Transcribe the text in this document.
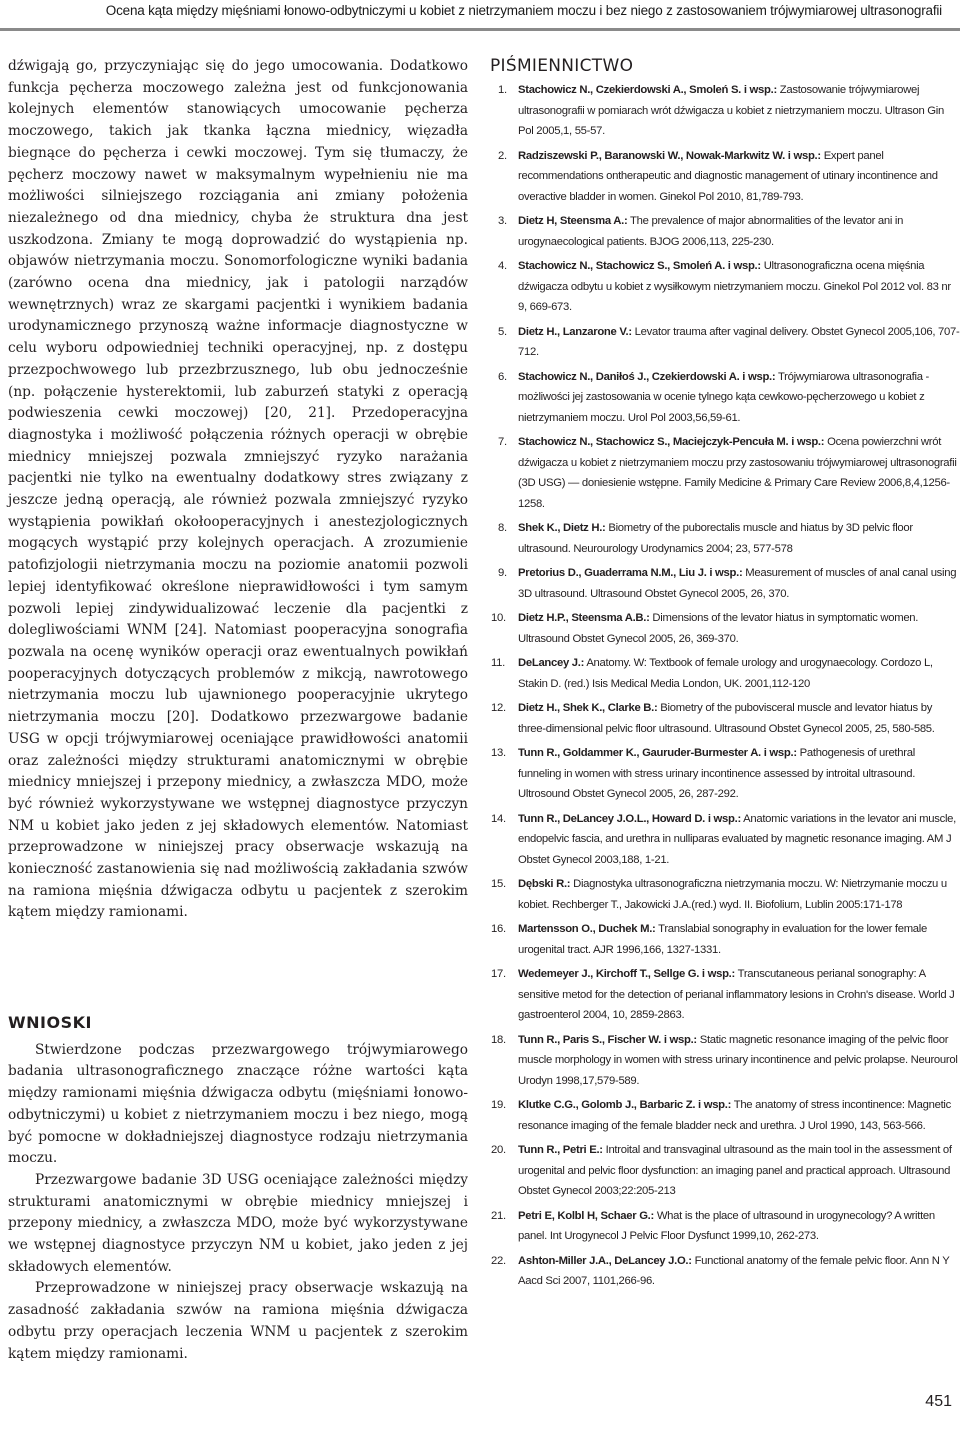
Ocena kąta między mięśniami łonowo-odbytniczymi u kobiet z nietrzymaniem moczu i bez niego z zastosowaniem trójwymiarowej ultrasonografii

dźwigają go, przyczyniając się do jego umocowania. Dodatkowo funkcja pęcherza moczowego zależna jest od funkcjonowania kolejnych elementów stanowiących umocowanie pęcherza moczowego, takich jak tkanka łączna miednicy, więzadła biegnące do pęcherza i cewki moczowej. Tym się tłumaczy, że pęcherz moczowy nawet w maksymalnym wypełnieniu nie ma możliwości silniejszego rozciągania ani zmiany położenia niezależnego od dna miednicy, chyba że struktura dna jest uszkodzona. Zmiany te mogą doprowadzić do wystąpienia np. objawów nietrzymania moczu. Sonomorfologiczne wyniki badania (zarówno ocena dna miednicy, jak i patologii narządów wewnętrznych) wraz ze skargami pacjentki i wynikiem badania urodynamicznego przynoszą ważne informacje diagnostyczne w celu wyboru odpowiedniej techniki operacyjnej, np. z dostępu przezpochwowego lub przezbrzusznego, lub obu jednocześnie (np. połączenie hysterektomii, lub zaburzeń statyki z operacją podwieszenia cewki moczowej) [20, 21]. Przedoperacyjna diagnostyka i możliwość połączenia różnych operacji w obrębie miednicy mniejszej pozwala zmniejszyć ryzyko narażania pacjentki nie tylko na ewentualny dodatkowy stres związany z jeszcze jedną operacją, ale również pozwala zmniejszyć ryzyko wystąpienia powikłań okołooperacyjnych i anestezjologicznych mogących wystąpić przy kolejnych operacjach. A zrozumienie patofizjologii nietrzymania moczu na poziomie anatomii pozwoli lepiej identyfikować określone nieprawidłowości i tym samym pozwoli lepiej zindywidualizować leczenie dla pacjentki z dolegliwościami WNM [24]. Natomiast pooperacyjna sonografia pozwala na ocenę wyników operacji oraz ewentualnych powikłań pooperacyjnych dotyczących problemów z mikcją, nawrotowego nietrzymania moczu lub ujawnionego pooperacyjnie ukrytego nietrzymania moczu [20]. Dodatkowo przezwargowe badanie USG w opcji trójwymiarowej oceniające prawidłowości anatomii oraz zależności między strukturami anatomicznymi w obrębie miednicy mniejszej i przepony miednicy, a zwłaszcza MDO, może być również wykorzystywane we wstępnej diagnostyce przyczyn NM u kobiet jako jeden z jej składowych elementów. Natomiast przeprowadzone w niniejszej pracy obserwacje wskazują na konieczność zastanowienia się nad możliwością zakładania szwów na ramiona mięśnia dźwigacza odbytu u pacjentek z szerokim kątem między ramionami.

WNIOSKI

Stwierdzone podczas przezwargowego trójwymiarowego badania ultrasonograficznego znaczące różne wartości kąta między ramionami mięśnia dźwigacza odbytu (mięśniami łonowo-odbytniczymi) u kobiet z nietrzymaniem moczu i bez niego, mogą być pomocne w dokładniejszej diagnostyce rodzaju nietrzymania moczu.

Przezwargowe badanie 3D USG oceniające zależności między strukturami anatomicznymi w obrębie miednicy mniejszej i przepony miednicy, a zwłaszcza MDO, może być wykorzystywane we wstępnej diagnostyce przyczyn NM u kobiet, jako jeden z jej składowych elementów.

Przeprowadzone w niniejszej pracy obserwacje wskazują na zasadność zakładania szwów na ramiona mięśnia dźwigacza odbytu przy operacjach leczenia WNM u pacjentek z szerokim kątem między ramionami.

PIŚMIENNICTWO
1. Stachowicz N., Czekierdowski A., Smoleń S. i wsp.: Zastosowanie trójwymiarowej ultrasonografii w pomiarach wrót dźwigacza u kobiet z nietrzymaniem moczu. Ultrason Gin Pol 2005,1, 55-57.
2. Radziszewski P., Baranowski W., Nowak-Markwitz W. i wsp.: Expert panel recommendations ontherapeutic and diagnostic management of utinary incontinence and overactive bladder in women. Ginekol Pol 2010, 81,789-793.
3. Dietz H, Steensma A.: The prevalence of major abnormalities of the levator ani in urogynaecological patients. BJOG 2006,113, 225-230.
4. Stachowicz N., Stachowicz S., Smoleń A. i wsp.: Ultrasonograficzna ocena mięśnia dźwigacza odbytu u kobiet z wysiłkowym nietrzymaniem moczu. Ginekol Pol 2012 vol. 83 nr 9, 669-673.
5. Dietz H., Lanzarone V.: Levator trauma after vaginal delivery. Obstet Gynecol 2005,106, 707-712.
6. Stachowicz N., Daniłoś J., Czekierdowski A. i wsp.: Trójwymiarowa ultrasonografia - możliwości jej zastosowania w ocenie tylnego kąta cewkowo-pęcherzowego u kobiet z nietrzymaniem moczu. Urol Pol 2003,56,59-61.
7. Stachowicz N., Stachowicz S., Maciejczyk-Pencuła M. i wsp.: Ocena powierzchni wrót dźwigacza u kobiet z nietrzymaniem moczu przy zastosowaniu trójwymiarowej ultrasonografii (3D USG) — doniesienie wstępne. Family Medicine & Primary Care Review 2006,8,4,1256-1258.
8. Shek K., Dietz H.: Biometry of the puborectalis muscle and hiatus by 3D pelvic floor ultrasound. Neurourology Urodynamics 2004; 23, 577-578
9. Pretorius D., Guaderrama N.M., Liu J. i wsp.: Measurement of muscles of anal canal using 3D ultrasound. Ultrasound Obstet Gynecol 2005, 26, 370.
10. Dietz H.P., Steensma A.B.: Dimensions of the levator hiatus in symptomatic women. Ultrasound Obstet Gynecol 2005, 26, 369-370.
11. DeLancey J.: Anatomy. W: Textbook of female urology and urogynaecology. Cordozo L, Stakin D. (red.) Isis Medical Media London, UK. 2001,112-120
12. Dietz H., Shek K., Clarke B.: Biometry of the pubovisceral muscle and levator hiatus by three-dimensional pelvic floor ultrasound. Ultrasound Obstet Gynecol 2005, 25, 580-585.
13. Tunn R., Goldammer K., Gauruder-Burmester A. i wsp.: Pathogenesis of urethral funneling in women with stress urinary incontinence assessed by introital ultrasound. Ultrosound Obstet Gynecol 2005, 26, 287-292.
14. Tunn R., DeLancey J.O.L., Howard D. i wsp.: Anatomic variations in the levator ani muscle, endopelvic fascia, and urethra in nulliparas evaluated by magnetic resonance imaging. AM J Obstet Gynecol 2003,188, 1-21.
15. Dębski R.: Diagnostyka ultrasonograficzna nietrzymania moczu. W: Nietrzymanie moczu u kobiet. Rechberger T., Jakowicki J.A.(red.) wyd. II. Biofolium, Lublin 2005:171-178
16. Martensson O., Duchek M.: Translabial sonography in evaluation for the lower female urogenital tract. AJR 1996,166, 1327-1331.
17. Wedemeyer J., Kirchoff T., Sellge G. i wsp.: Transcutaneous perianal sonography: A sensitive metod for the detection of perianal inflammatory lesions in Crohn's disease. World J gastroenterol 2004, 10, 2859-2863.
18. Tunn R., Paris S., Fischer W. i wsp.: Static magnetic resonance imaging of the pelvic floor muscle morphology in women with stress urinary incontinence and pelvic prolapse. Neurourol Urodyn 1998,17,579-589.
19. Klutke C.G., Golomb J., Barbaric Z. i wsp.: The anatomy of stress incontinence: Magnetic resonance imaging of the female bladder neck and urethra. J Urol 1990, 143, 563-566.
20. Tunn R., Petri E.: Introital and transvaginal ultrasound as the main tool in the assessment of urogenital and pelvic floor dysfunction: an imaging panel and practical approach. Ultrasound Obstet Gynecol 2003;22:205-213
21. Petri E, Kolbl H, Schaer G.: What is the place of ultrasound in urogynecology? A written panel. Int Urogynecol J Pelvic Floor Dysfunct 1999,10, 262-273.
22. Ashton-Miller J.A., DeLancey J.O.: Functional anatomy of the female pelvic floor. Ann N Y Aacd Sci 2007, 1101,266-96.
451
